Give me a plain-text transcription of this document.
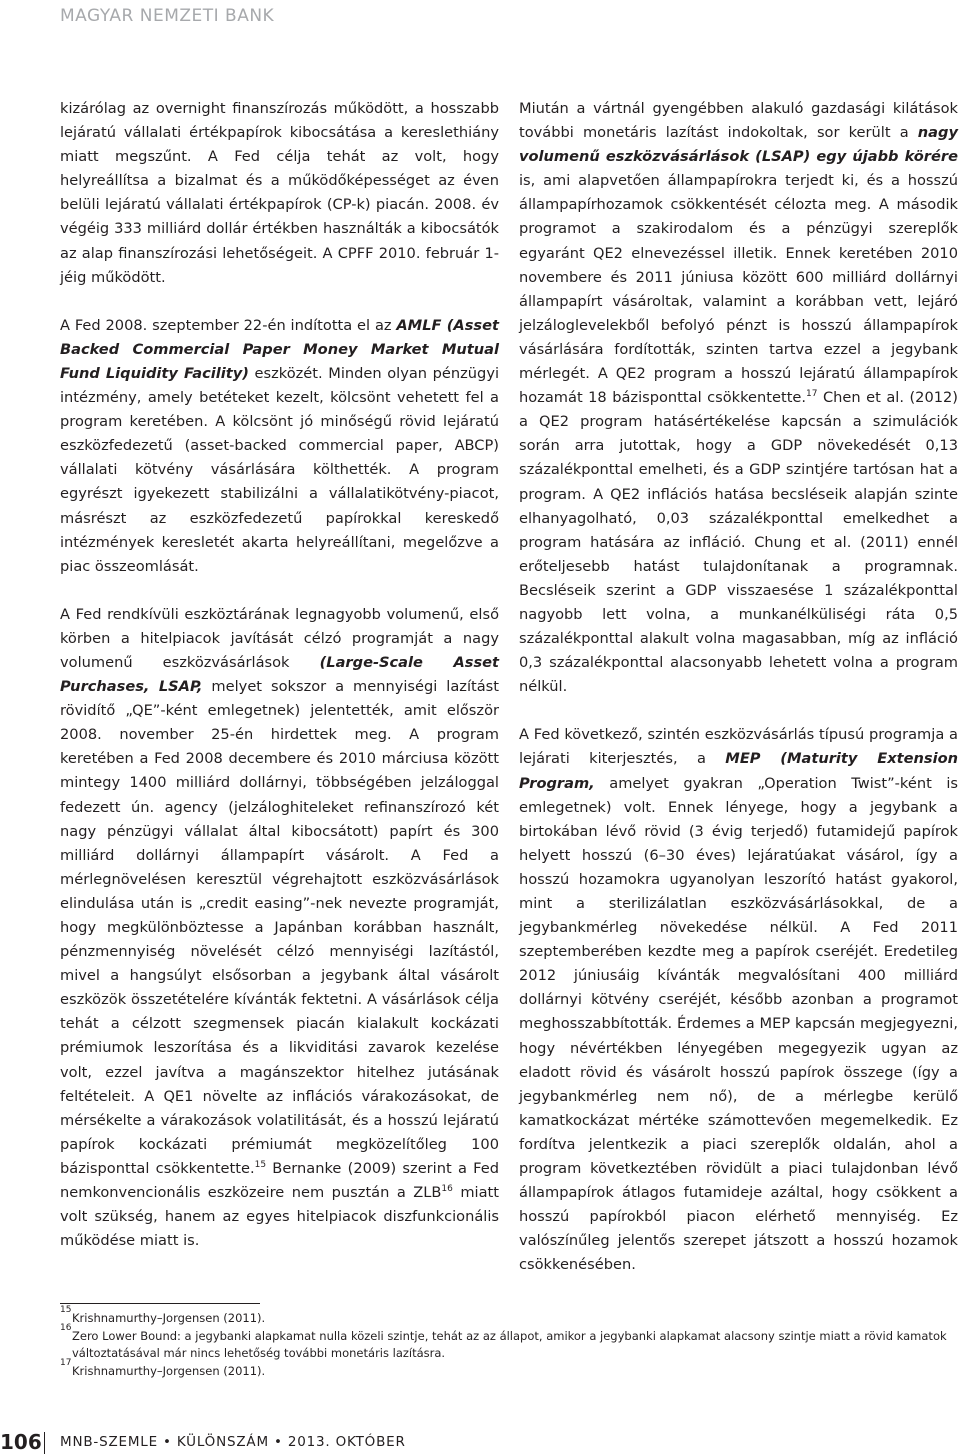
MAGYAR NEMZETI BANK

kizárólag az overnight finanszírozás működött, a hosszabb lejáratú vállalati értékpapírok kibocsátása a kereslethiány miatt megszűnt. A Fed célja tehát az volt, hogy helyreállítsa a bizalmat és a működőképességet az éven belüli lejáratú vállalati értékpapírok (CP-k) piacán. 2008. év végéig 333 milliárd dollár értékben használták a kibocsátók az alap finanszírozási lehetőségeit. A CPFF 2010. február 1-jéig működött.

A Fed 2008. szeptember 22-én indította el az AMLF (Asset Backed Commercial Paper Money Market Mutual Fund Liquidity Facility) eszközét. Minden olyan pénzügyi intézmény, amely betéteket kezelt, kölcsönt vehetett fel a program keretében. A kölcsönt jó minőségű rövid lejáratú eszközfedezetű (asset-backed commercial paper, ABCP) vállalati kötvény vásárlására költhették. A program egyrészt igyekezett stabilizálni a vállalatikötvény-piacot, másrészt az eszközfedezetű papírokkal kereskedő intézmények keresletét akarta helyreállítani, megelőzve a piac összeomlását.

A Fed rendkívüli eszköztárának legnagyobb volumenű, első körben a hitelpiacok javítását célzó programját a nagy volumenű eszközvásárlások (Large-Scale Asset Purchases, LSAP, melyet sokszor a mennyiségi lazítást rövidítő „QE”-ként emlegetnek) jelentették, amit először 2008. november 25-én hirdettek meg. A program keretében a Fed 2008 decembere és 2010 márciusa között mintegy 1400 milliárd dollárnyi, többségében jelzáloggal fedezett ún. agency (jelzáloghiteleket refinanszírozó két nagy pénzügyi vállalat által kibocsátott) papírt és 300 milliárd dollárnyi állampapírt vásárolt. A Fed a mérlegnövelésen keresztül végrehajtott eszközvásárlások elindulása után is „credit easing”-nek nevezte programját, hogy megkülönböztesse a Japánban korábban használt, pénzmennyiség növelését célzó mennyiségi lazítástól, mivel a hangsúlyt elsősorban a jegybank által vásárolt eszközök összetételére kívánták fektetni. A vásárlások célja tehát a célzott szegmensek piacán kialakult kockázati prémiumok leszorítása és a likviditási zavarok kezelése volt, ezzel javítva a magánszektor hitelhez jutásának feltételeit. A QE1 növelte az inflációs várakozásokat, de mérsékelte a várakozások volatilitását, és a hosszú lejáratú papírok kockázati prémiumát megközelítőleg 100 bázisponttal csökkentette.$^{15}$ Bernanke (2009) szerint a Fed nemkonvencionális eszközeire nem pusztán a ZLB$^{16}$ miatt volt szükség, hanem az egyes hitelpiacok diszfunkcionális működése miatt is.

Miután a vártnál gyengébben alakuló gazdasági kilátások további monetáris lazítást indokoltak, sor került a nagy volumenű eszközvásárlások (LSAP) egy újabb körére is, ami alapvetően állampapírokra terjedt ki, és a hosszú állampapírhozamok csökkentését célozta meg. A második programot a szakirodalom és a pénzügyi szereplők egyaránt QE2 elnevezéssel illetik. Ennek keretében 2010 novembere és 2011 júniusa között 600 milliárd dollárnyi állampapírt vásároltak, valamint a korábban vett, lejáró jelzáloglevelekből befolyó pénzt is hosszú állampapírok vásárlására fordították, szinten tartva ezzel a jegybank mérlegét. A QE2 program a hosszú lejáratú állampapírok hozamát 18 bázisponttal csökkentette.$^{17}$ Chen et al. (2012) a QE2 program hatásértékelése kapcsán a szimulációk során arra jutottak, hogy a GDP növekedését 0,13 százalékponttal emelheti, és a GDP szintjére tartósan hat a program. A QE2 inflációs hatása becsléseik alapján szinte elhanyagolható, 0,03 százalékponttal emelkedhet a program hatására az infláció. Chung et al. (2011) ennél erőteljesebb hatást tulajdonítanak a programnak. Becsléseik szerint a GDP visszaesése 1 százalékponttal nagyobb lett volna, a munkanélküliségi ráta 0,5 százalékponttal alakult volna magasabban, míg az infláció 0,3 százalékponttal alacsonyabb lehetett volna a program nélkül.

A Fed következő, szintén eszközvásárlás típusú programja a lejárati kiterjesztés, a MEP (Maturity Extension Program, amelyet gyakran „Operation Twist”-ként is emlegetnek) volt. Ennek lényege, hogy a jegybank a birtokában lévő rövid (3 évig terjedő) futamidejű papírok helyett hosszú (6–30 éves) lejáratúakat vásárol, így a hosszú hozamokra ugyanolyan leszorító hatást gyakorol, mint a sterilizálatlan eszközvásárlásokkal, de a jegybankmérleg növekedése nélkül. A Fed 2011 szeptemberében kezdte meg a papírok cseréjét. Eredetileg 2012 júniusáig kívánták megvalósítani 400 milliárd dollárnyi kötvény cseréjét, később azonban a programot meghosszabbították. Érdemes a MEP kapcsán megjegyezni, hogy névértékben lényegében megegyezik ugyan az eladott rövid és vásárolt hosszú papírok összege (így a jegybankmérleg nem nő), de a mérlegbe kerülő kamatkockázat mértéke számottevően megemelkedik. Ez fordítva jelentkezik a piaci szereplők oldalán, ahol a program következtében rövidült a piaci tulajdonban lévő állampapírok átlagos futamideje azáltal, hogy csökkent a hosszú papírokból piacon elérhető mennyiség. Ez valószínűleg jelentős szerepet játszott a hosszú hozamok csökkenésében.

15
Krishnamurthy–Jorgensen (2011).
16
Zero Lower Bound: a jegybanki alapkamat nulla közeli szintje, tehát az az állapot, amikor a jegybanki alapkamat alacsony szintje miatt a rövid kamatok változtatásával már nincs lehetőség további monetáris lazításra.
17
Krishnamurthy–Jorgensen (2011).
106 MNB-SZEMLE • KÜLÖNSZÁM • 2013. OKTÓBER
